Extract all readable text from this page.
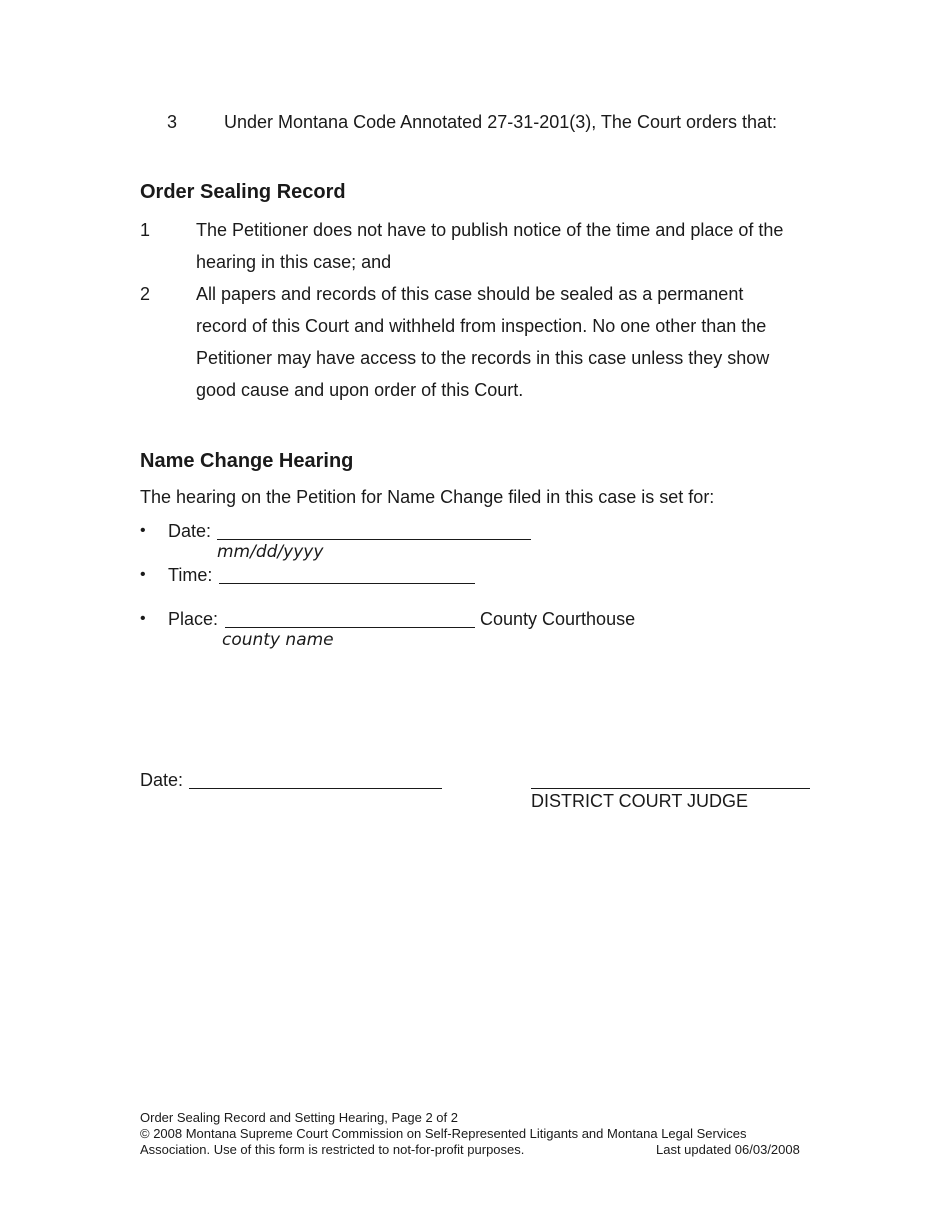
3	Under Montana Code Annotated 27-31-201(3), The Court orders that:
Order Sealing Record
1	The Petitioner does not have to publish notice of the time and place of the
hearing in this case; and
2	All papers and records of this case should be sealed as a permanent
record of this Court and withheld from inspection. No one other than the
Petitioner may have access to the records in this case unless they show
good cause and upon order of this Court.
Name Change Hearing
The hearing on the Petition for Name Change filed in this case is set for:
• Date:
mm/dd/yyyy
• Time:
• Place:	County Courthouse
county name
Date:
DISTRICT COURT JUDGE
Order Sealing Record and Setting Hearing, Page 2 of 2
© 2008 Montana Supreme Court Commission on Self-Represented Litigants and Montana Legal Services
Association. Use of this form is restricted to not-for-profit purposes.	Last updated 06/03/2008
